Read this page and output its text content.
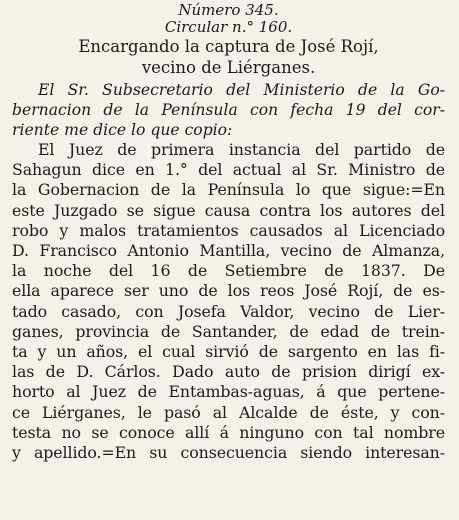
Número 345.
Circular n.° 160.
Encargando la captura de José Rojí,
vecino de Liérganes.

El Sr. Subsecretario del Ministerio de la Go-
bernacion de la Península con fecha 19 del cor-
riente me dice lo que copio:

El Juez de primera instancia del partido de
Sahagun dice en 1.° del actual al Sr. Ministro de
la Gobernacion de la Península lo que sigue:=En
este Juzgado se sigue causa contra los autores del
robo y malos tratamientos causados al Licenciado
D. Francisco Antonio Mantilla, vecino de Almanza,
la noche del 16 de Setiembre de 1837. De
ella aparece ser uno de los reos José Rojí, de es-
tado casado, con Josefa Valdor, vecino de Lier-
ganes, provincia de Santander, de edad de trein-
ta y un años, el cual sirvió de sargento en las fi-
las de D. Cárlos. Dado auto de prision dirigí ex-
horto al Juez de Entambas-aguas, á que pertene-
ce Liérganes, le pasó al Alcalde de éste, y con-
testa no se conoce allí á ninguno con tal nombre
y apellido.=En su consecuencia siendo interesan-
